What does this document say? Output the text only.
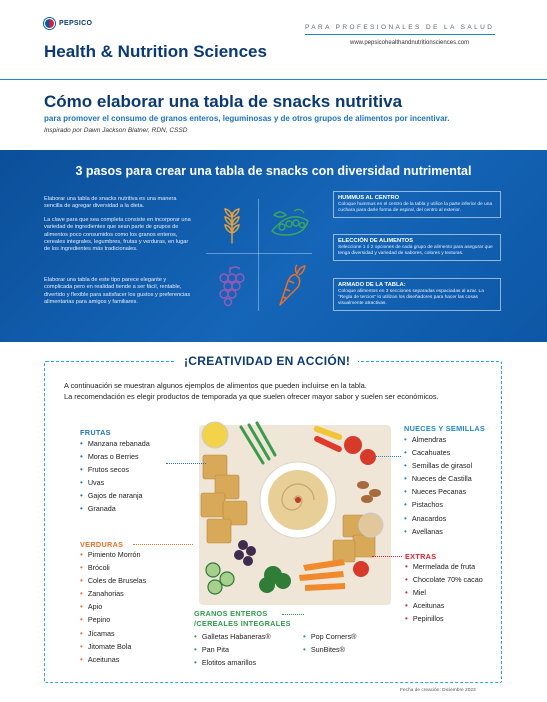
PEPSICO
Health & Nutrition Sciences
PARA PROFESIONALES DE LA SALUD
www.pepsicohealthandnutritionsciences.com
Cómo elaborar una tabla de snacks nutritiva
para promover el consumo de granos enteros, leguminosas y de otros grupos de alimentos por incentivar.
Inspirado por Dawn Jackson Blatner, RDN, CSSD
3 pasos para crear una tabla de snacks con diversidad nutrimental
Elaborar una tabla de snacks nutritiva es una manera sencilla de agregar diversidad a la dieta.
La clave para que sea completa consiste en incorporar una variedad de ingredientes que sean parte de grupos de alimentos poco consumidos como los granos enteros, cereales integrales, legumbres, frutas y verduras, en lugar de los ingredientes más tradicionales.
Elaborar una tabla de este tipo parece elegante y complicada pero en realidad tiende a ser fácil, rentable, divertido y flexible para satisfacer los gustos y preferencias alimentarias para amigos y familiares.
HUMMUS AL CENTRO
Coloque hummus en el centro de la tabla y utilice la parte inferior de una cuchara para darle forma de espiral, del centro al exterior.
ELECCIÓN DE ALIMENTOS
Seleccione 1 ó 2 opciones de cada grupo de alimento para asegurar que tenga diversidad y variedad de sabores, colores y texturas.
ARMADO DE LA TABLA:
Coloque alimentos en 3 secciones separadas espaciadas al azar. La "Regla de tercios" lo utilizan los diseñadores para hacer las cosas visualmente atractivas.
¡CREATIVIDAD EN ACCIÓN!
A continuación se muestran algunos ejemplos de alimentos que pueden incluirse en la tabla.
La recomendación es elegir productos de temporada ya que suelen ofrecer mayor sabor y suelen ser económicos.
FRUTAS
• Manzana rebanada
• Moras o Berries
• Frutos secos
• Uvas
• Gajos de naranja
• Granada
VERDURAS
• Pimiento Morrón
• Brócoli
• Coles de Bruselas
• Zanahorias
• Apio
• Pepino
• Jícamas
• Jitomate Bola
• Aceitunas
NUECES Y SEMILLAS
• Almendras
• Cacahuates
• Semillas de girasol
• Nueces de Castilla
• Nueces Pecanas
• Pistachos
• Anacardos
• Avellanas
EXTRAS
• Mermelada de fruta
• Chocolate 70% cacao
• Miel
• Aceitunas
• Pepinillos
GRANOS ENTEROS
/CEREALES INTEGRALES
• Galletas Habaneras®
• Pan Pita
• Elotitos amarillos
• Pop Corners®
• SunBites®
Fecha de creación: Diciembre 2023
